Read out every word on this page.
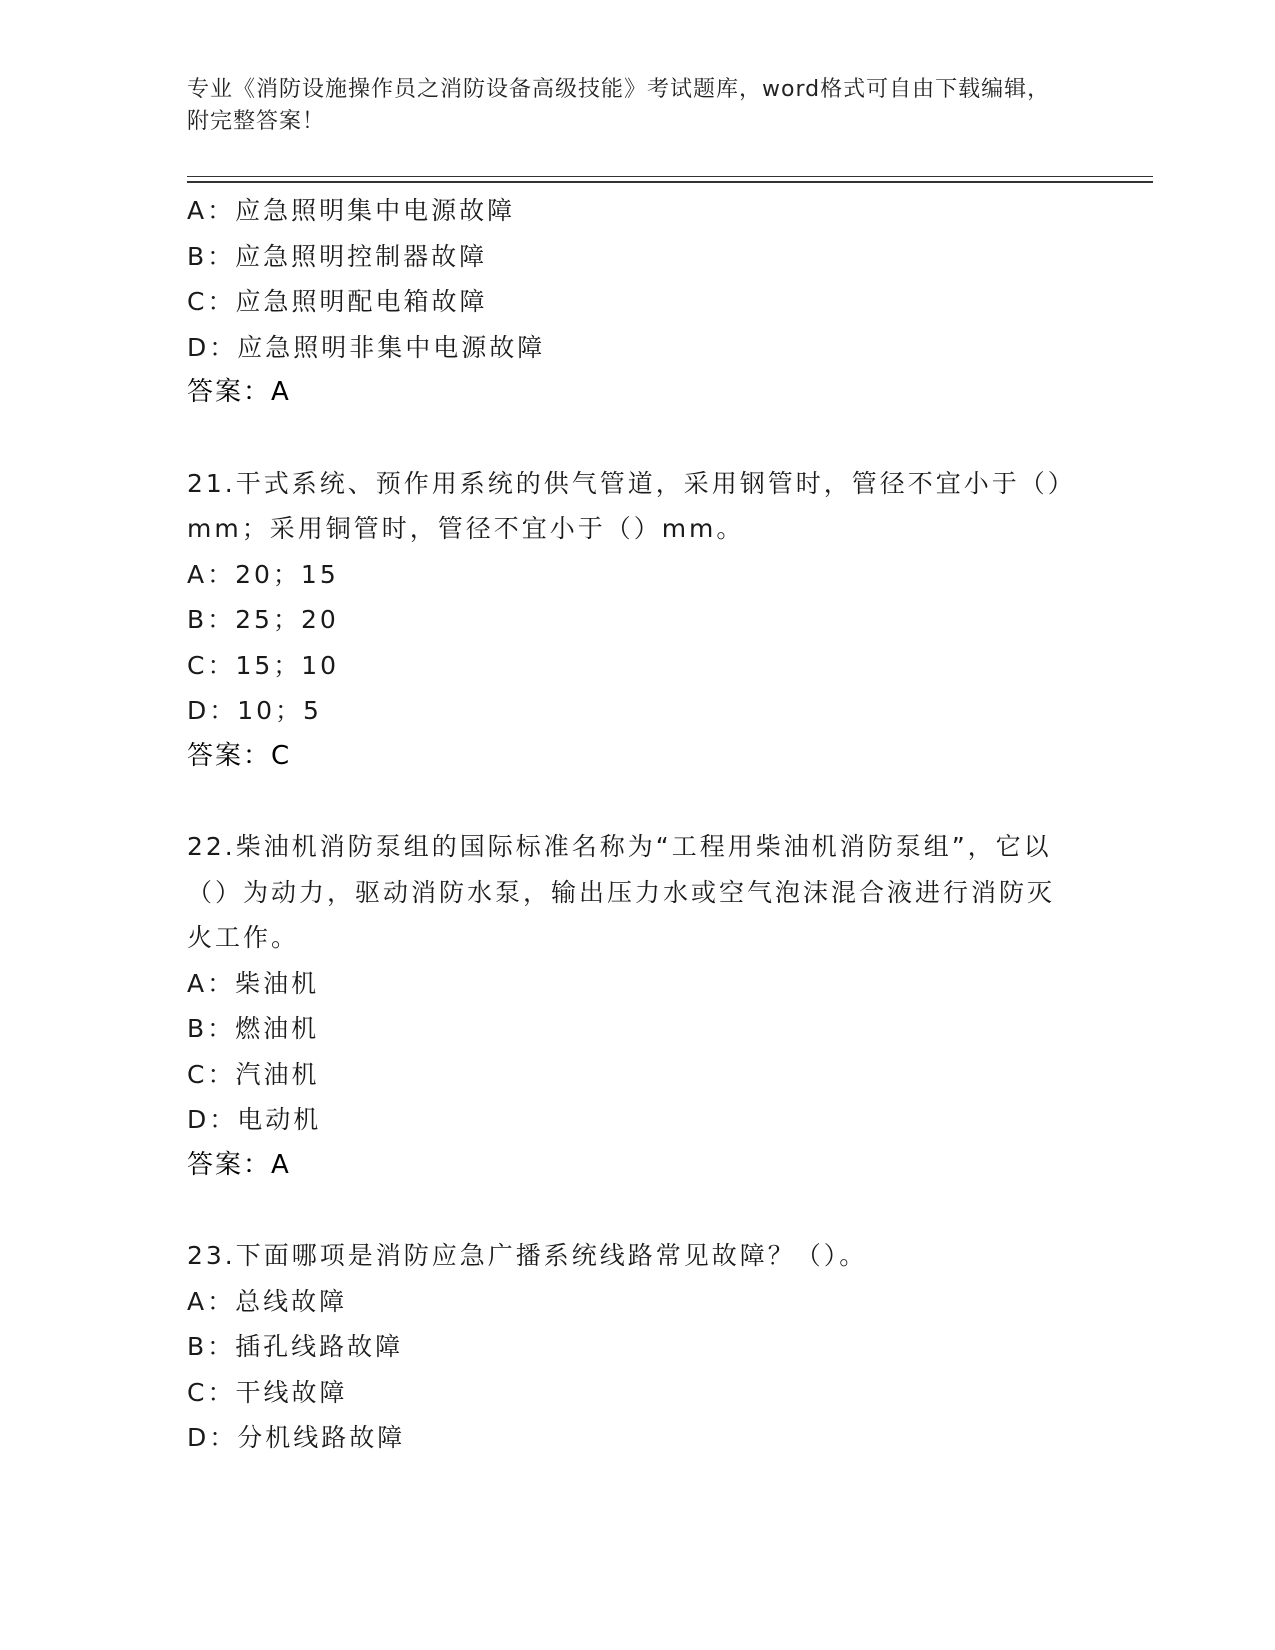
专业《消防设施操作员之消防设备高级技能》考试题库，word格式可自由下载编辑，附完整答案！
A：应急照明集中电源故障
B：应急照明控制器故障
C：应急照明配电箱故障
D：应急照明非集中电源故障
答案：A
21.干式系统、预作用系统的供气管道，采用钢管时，管径不宜小于（）mm；采用铜管时，管径不宜小于（）mm。
A：20；15
B：25；20
C：15；10
D：10；5
答案：C
22.柴油机消防泵组的国际标准名称为“工程用柴油机消防泵组”，它以（）为动力，驱动消防水泵，输出压力水或空气泡沫混合液进行消防灭火工作。
A：柴油机
B：燃油机
C：汽油机
D：电动机
答案：A
23.下面哪项是消防应急广播系统线路常见故障？（）。
A：总线故障
B：插孔线路故障
C：干线故障
D：分机线路故障
